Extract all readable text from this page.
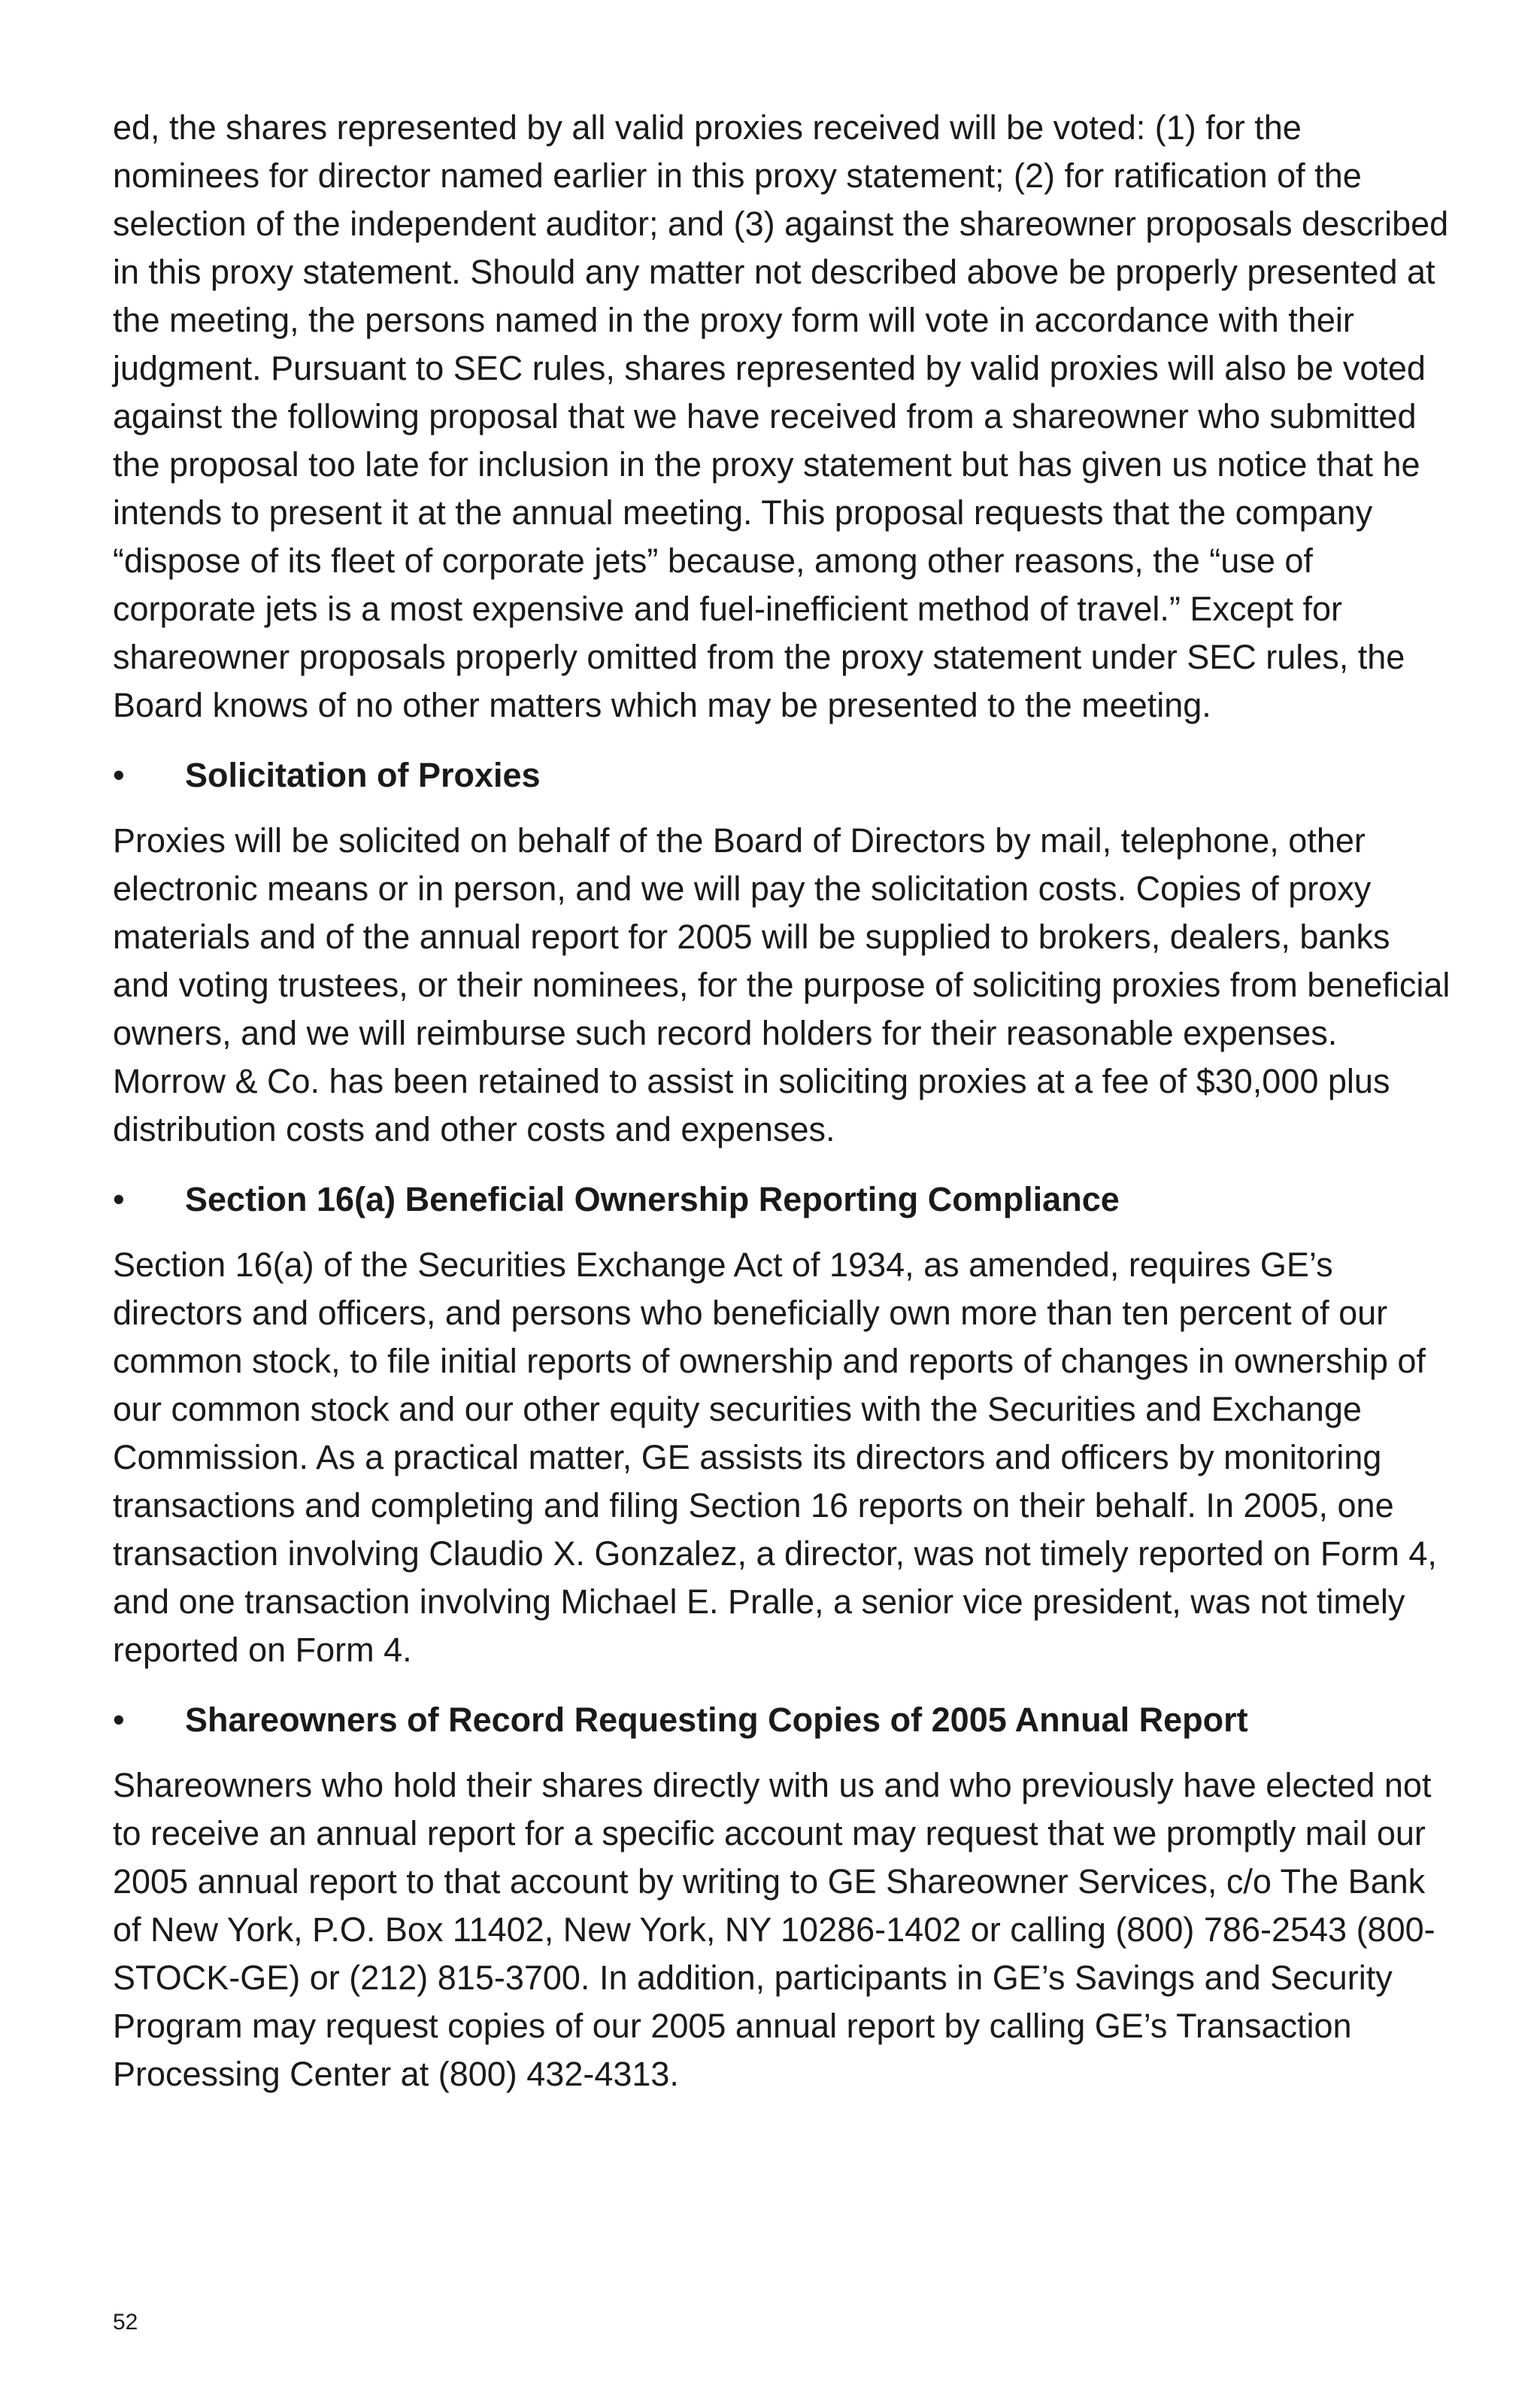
ed, the shares represented by all valid proxies received will be voted: (1) for the nominees for director named earlier in this proxy statement; (2) for ratification of the selection of the independent auditor; and (3) against the shareowner proposals described in this proxy statement. Should any matter not described above be properly presented at the meeting, the persons named in the proxy form will vote in accordance with their judgment. Pursuant to SEC rules, shares represented by valid proxies will also be voted against the following proposal that we have received from a shareowner who submitted the proposal too late for inclusion in the proxy statement but has given us notice that he intends to present it at the annual meeting. This proposal requests that the company “dispose of its fleet of corporate jets” because, among other reasons, the “use of corporate jets is a most expensive and fuel-inefficient method of travel.” Except for shareowner proposals properly omitted from the proxy statement under SEC rules, the Board knows of no other matters which may be presented to the meeting.

•	Solicitation of Proxies

Proxies will be solicited on behalf of the Board of Directors by mail, telephone, other electronic means or in person, and we will pay the solicitation costs. Copies of proxy materials and of the annual report for 2005 will be supplied to brokers, dealers, banks and voting trustees, or their nominees, for the purpose of soliciting proxies from beneficial owners, and we will reimburse such record holders for their reasonable expenses. Morrow & Co. has been retained to assist in soliciting proxies at a fee of $30,000 plus distribution costs and other costs and expenses.

•	Section 16(a) Beneficial Ownership Reporting Compliance

Section 16(a) of the Securities Exchange Act of 1934, as amended, requires GE’s directors and officers, and persons who beneficially own more than ten percent of our common stock, to file initial reports of ownership and reports of changes in ownership of our common stock and our other equity securities with the Securities and Exchange Commission. As a practical matter, GE assists its directors and officers by monitoring transactions and completing and filing Section 16 reports on their behalf. In 2005, one transaction involving Claudio X. Gonzalez, a director, was not timely reported on Form 4, and one transaction involving Michael E. Pralle, a senior vice president, was not timely reported on Form 4.

•	Shareowners of Record Requesting Copies of 2005 Annual Report

Shareowners who hold their shares directly with us and who previously have elected not to receive an annual report for a specific account may request that we promptly mail our 2005 annual report to that account by writing to GE Shareowner Services, c/o The Bank of New York, P.O. Box 11402, New York, NY 10286-1402 or calling (800) 786-2543 (800-STOCK-GE) or (212) 815-3700. In addition, participants in GE’s Savings and Security Program may request copies of our 2005 annual report by calling GE’s Transaction Processing Center at (800) 432-4313.

52
